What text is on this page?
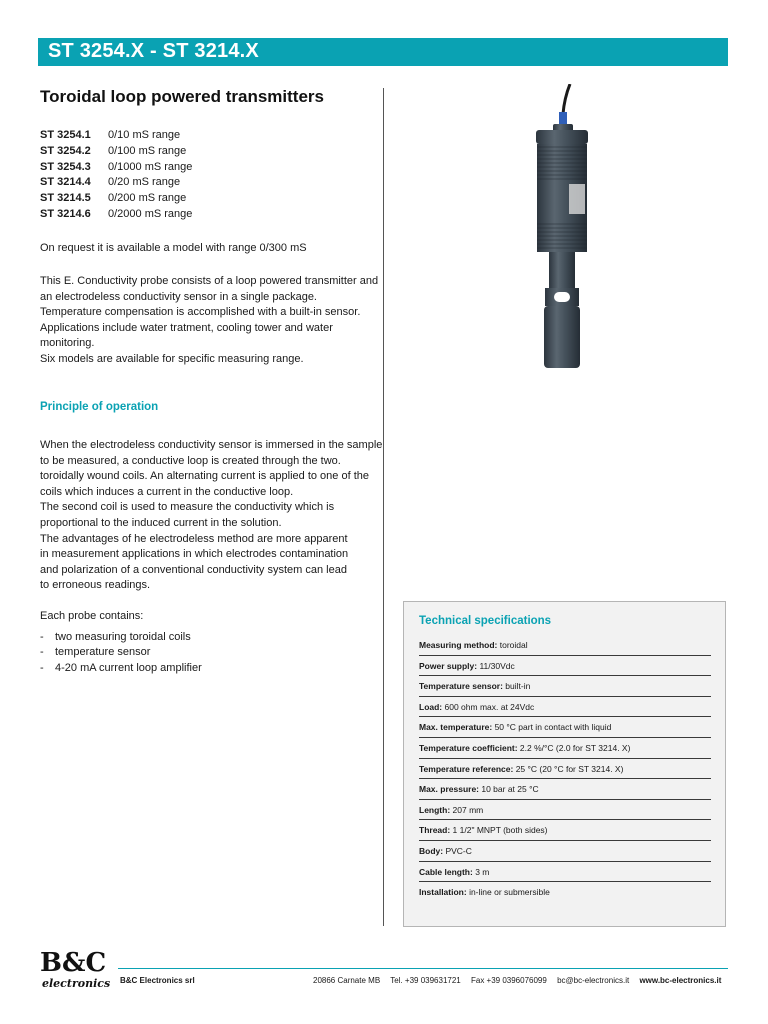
ST 3254.X - ST 3214.X
Toroidal loop powered transmitters
ST 3254.1 0/10 mS range
ST 3254.2 0/100 mS range
ST 3254.3 0/1000 mS range
ST 3214.4 0/20 mS range
ST 3214.5 0/200 mS range
ST 3214.6 0/2000 mS range
On request it is available a model with range 0/300 mS
This E. Conductivity probe consists of a loop powered transmitter and
an electrodeless conductivity sensor in a single package.
Temperature compensation is accomplished with a built-in sensor.
Applications include water tratment, cooling tower and water
monitoring.
Six models are available for specific measuring range.
Principle of operation
When the electrodeless conductivity sensor is immersed in the sample
to be measured, a conductive loop is created through the two.
toroidally wound coils. An alternating current is applied to one of the
coils which induces a current in the conductive loop.
The second coil is used to measure the conductivity which is
proportional to the induced current in the solution.
The advantages of he electrodeless method are more apparent
in measurement applications in which electrodes contamination
and polarization of a conventional conductivity system can lead
to erroneous readings.
Each probe contains:
- two measuring toroidal coils
- temperature sensor
- 4-20 mA current loop amplifier
Technical specifications
Measuring method: toroidal
Power supply: 11/30Vdc
Temperature sensor: built-in
Load: 600 ohm max. at 24Vdc
Max. temperature: 50 °C part in contact with liquid
Temperature coefficient: 2.2 %/°C (2.0 for ST 3214. X)
Temperature reference: 25 °C (20 °C for ST 3214. X)
Max. pressure: 10 bar at 25 °C
Length: 207 mm
Thread: 1 1/2" MNPT (both sides)
Body: PVC-C
Cable length: 3 m
Installation: in-line or submersible
B&C
electronics B&C Electronics srl	20866 Carnate MB Tel. +39 039631721 Fax +39 0396076099 bc@bc-electronics.it www.bc-electronics.it
